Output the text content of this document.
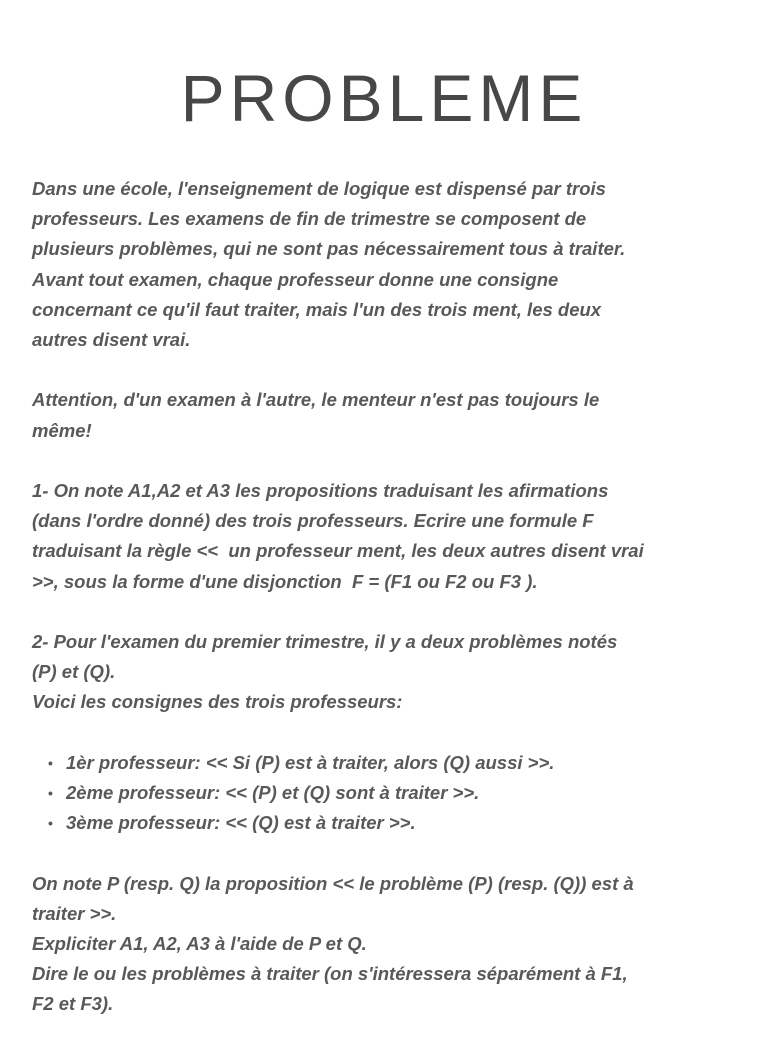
PROBLEME

Dans une école, l'enseignement de logique est dispensé par trois
professeurs. Les examens de fin de trimestre se composent de
plusieurs problèmes, qui ne sont pas nécessairement tous à traiter.
Avant tout examen, chaque professeur donne une consigne
concernant ce qu'il faut traiter, mais l'un des trois ment, les deux
autres disent vrai.

Attention, d'un examen à l'autre, le menteur n'est pas toujours le
même!

1- On note A1,A2 et A3 les propositions traduisant les afirmations
(dans l'ordre donné) des trois professeurs. Ecrire une formule F
traduisant la règle <<  un professeur ment, les deux autres disent vrai
>>, sous la forme d'une disjonction  F = (F1 ou F2 ou F3 ).

2- Pour l'examen du premier trimestre, il y a deux problèmes notés
(P) et (Q).
Voici les consignes des trois professeurs:

• 1èr professeur: << Si (P) est à traiter, alors (Q) aussi >>.
• 2ème professeur: << (P) et (Q) sont à traiter >>.
• 3ème professeur: << (Q) est à traiter >>.

On note P (resp. Q) la proposition << le problème (P) (resp. (Q)) est à
traiter >>.
Expliciter A1, A2, A3 à l'aide de P et Q.
Dire le ou les problèmes à traiter (on s'intéressera séparément à F1,
F2 et F3).
